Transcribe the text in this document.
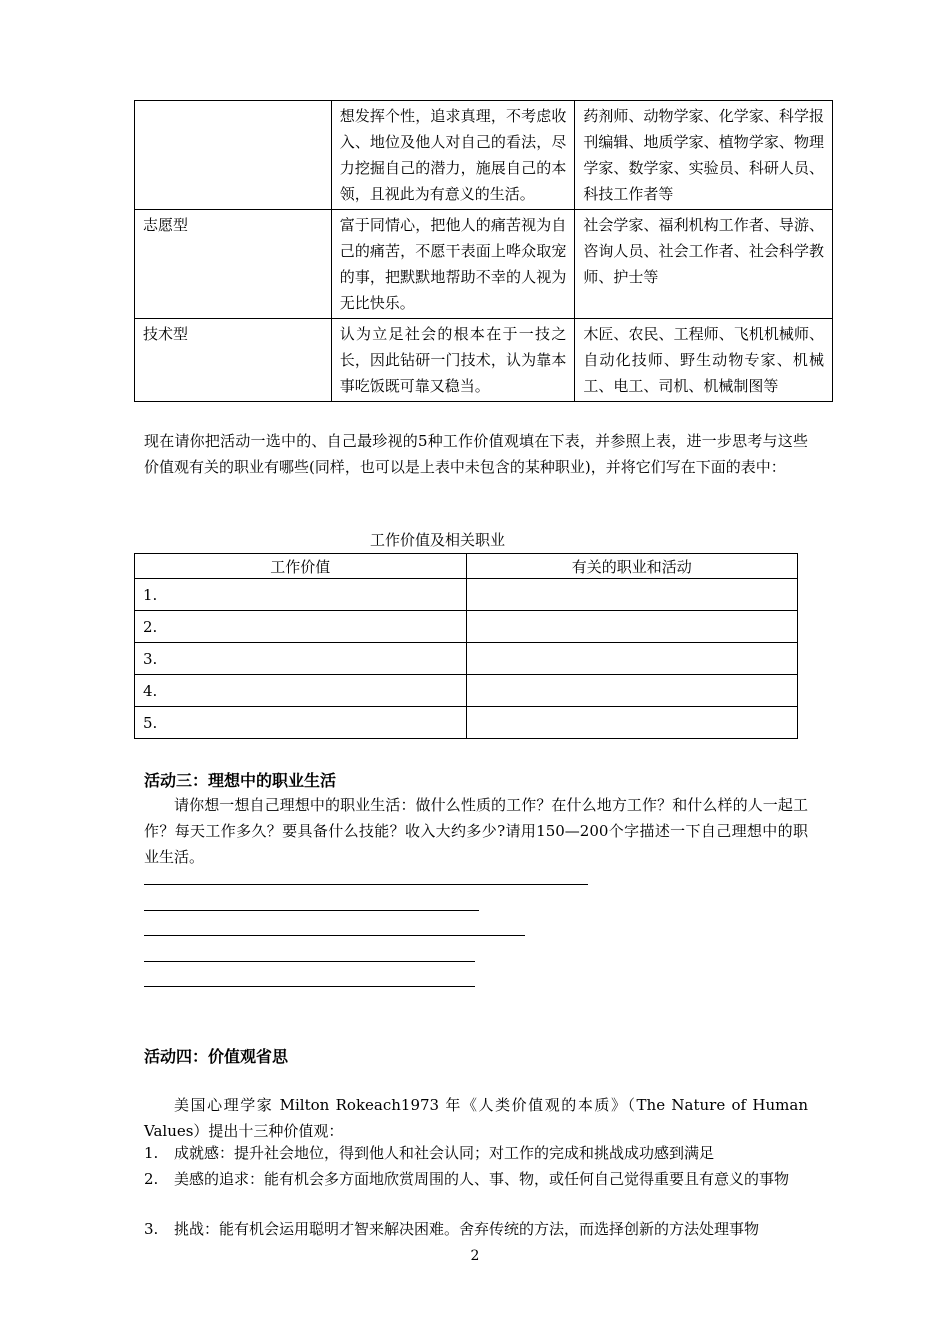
	想发挥个性，追求真理，不考虑收入、地位及他人对自己的看法，尽力挖掘自己的潜力，施展自己的本领，且视此为有意义的生活。	药剂师、动物学家、化学家、科学报刊编辑、地质学家、植物学家、物理学家、数学家、实验员、科研人员、科技工作者等
志愿型	富于同情心，把他人的痛苦视为自己的痛苦，不愿干表面上哗众取宠的事，把默默地帮助不幸的人视为无比快乐。	社会学家、福利机构工作者、导游、咨询人员、社会工作者、社会科学教师、护士等
技术型	认为立足社会的根本在于一技之长，因此钻研一门技术，认为靠本事吃饭既可靠又稳当。	木匠、农民、工程师、飞机机械师、自动化技师、野生动物专家、机械工、电工、司机、机械制图等
现在请你把活动一选中的、自己最珍视的5种工作价值观填在下表，并参照上表，进一步思考与这些价值观有关的职业有哪些(同样，也可以是上表中未包含的某种职业)，并将它们写在下面的表中：
工作价值及相关职业
工作价值	有关的职业和活动
1.	
2.	
3.	
4.	
5.	
活动三：理想中的职业生活
请你想一想自己理想中的职业生活：做什么性质的工作？在什么地方工作？和什么样的人一起工作？每天工作多久？要具备什么技能？收入大约多少?请用150—200个字描述一下自己理想中的职业生活。
活动四：价值观省思
美国心理学家 Milton Rokeach1973 年《人类价值观的本质》（The Nature of Human Values）提出十三种价值观：
1. 成就感：提升社会地位，得到他人和社会认同；对工作的完成和挑战成功感到满足
2. 美感的追求：能有机会多方面地欣赏周围的人、事、物，或任何自己觉得重要且有意义的事物
3. 挑战：能有机会运用聪明才智来解决困难。舍弃传统的方法，而选择创新的方法处理事物
2
